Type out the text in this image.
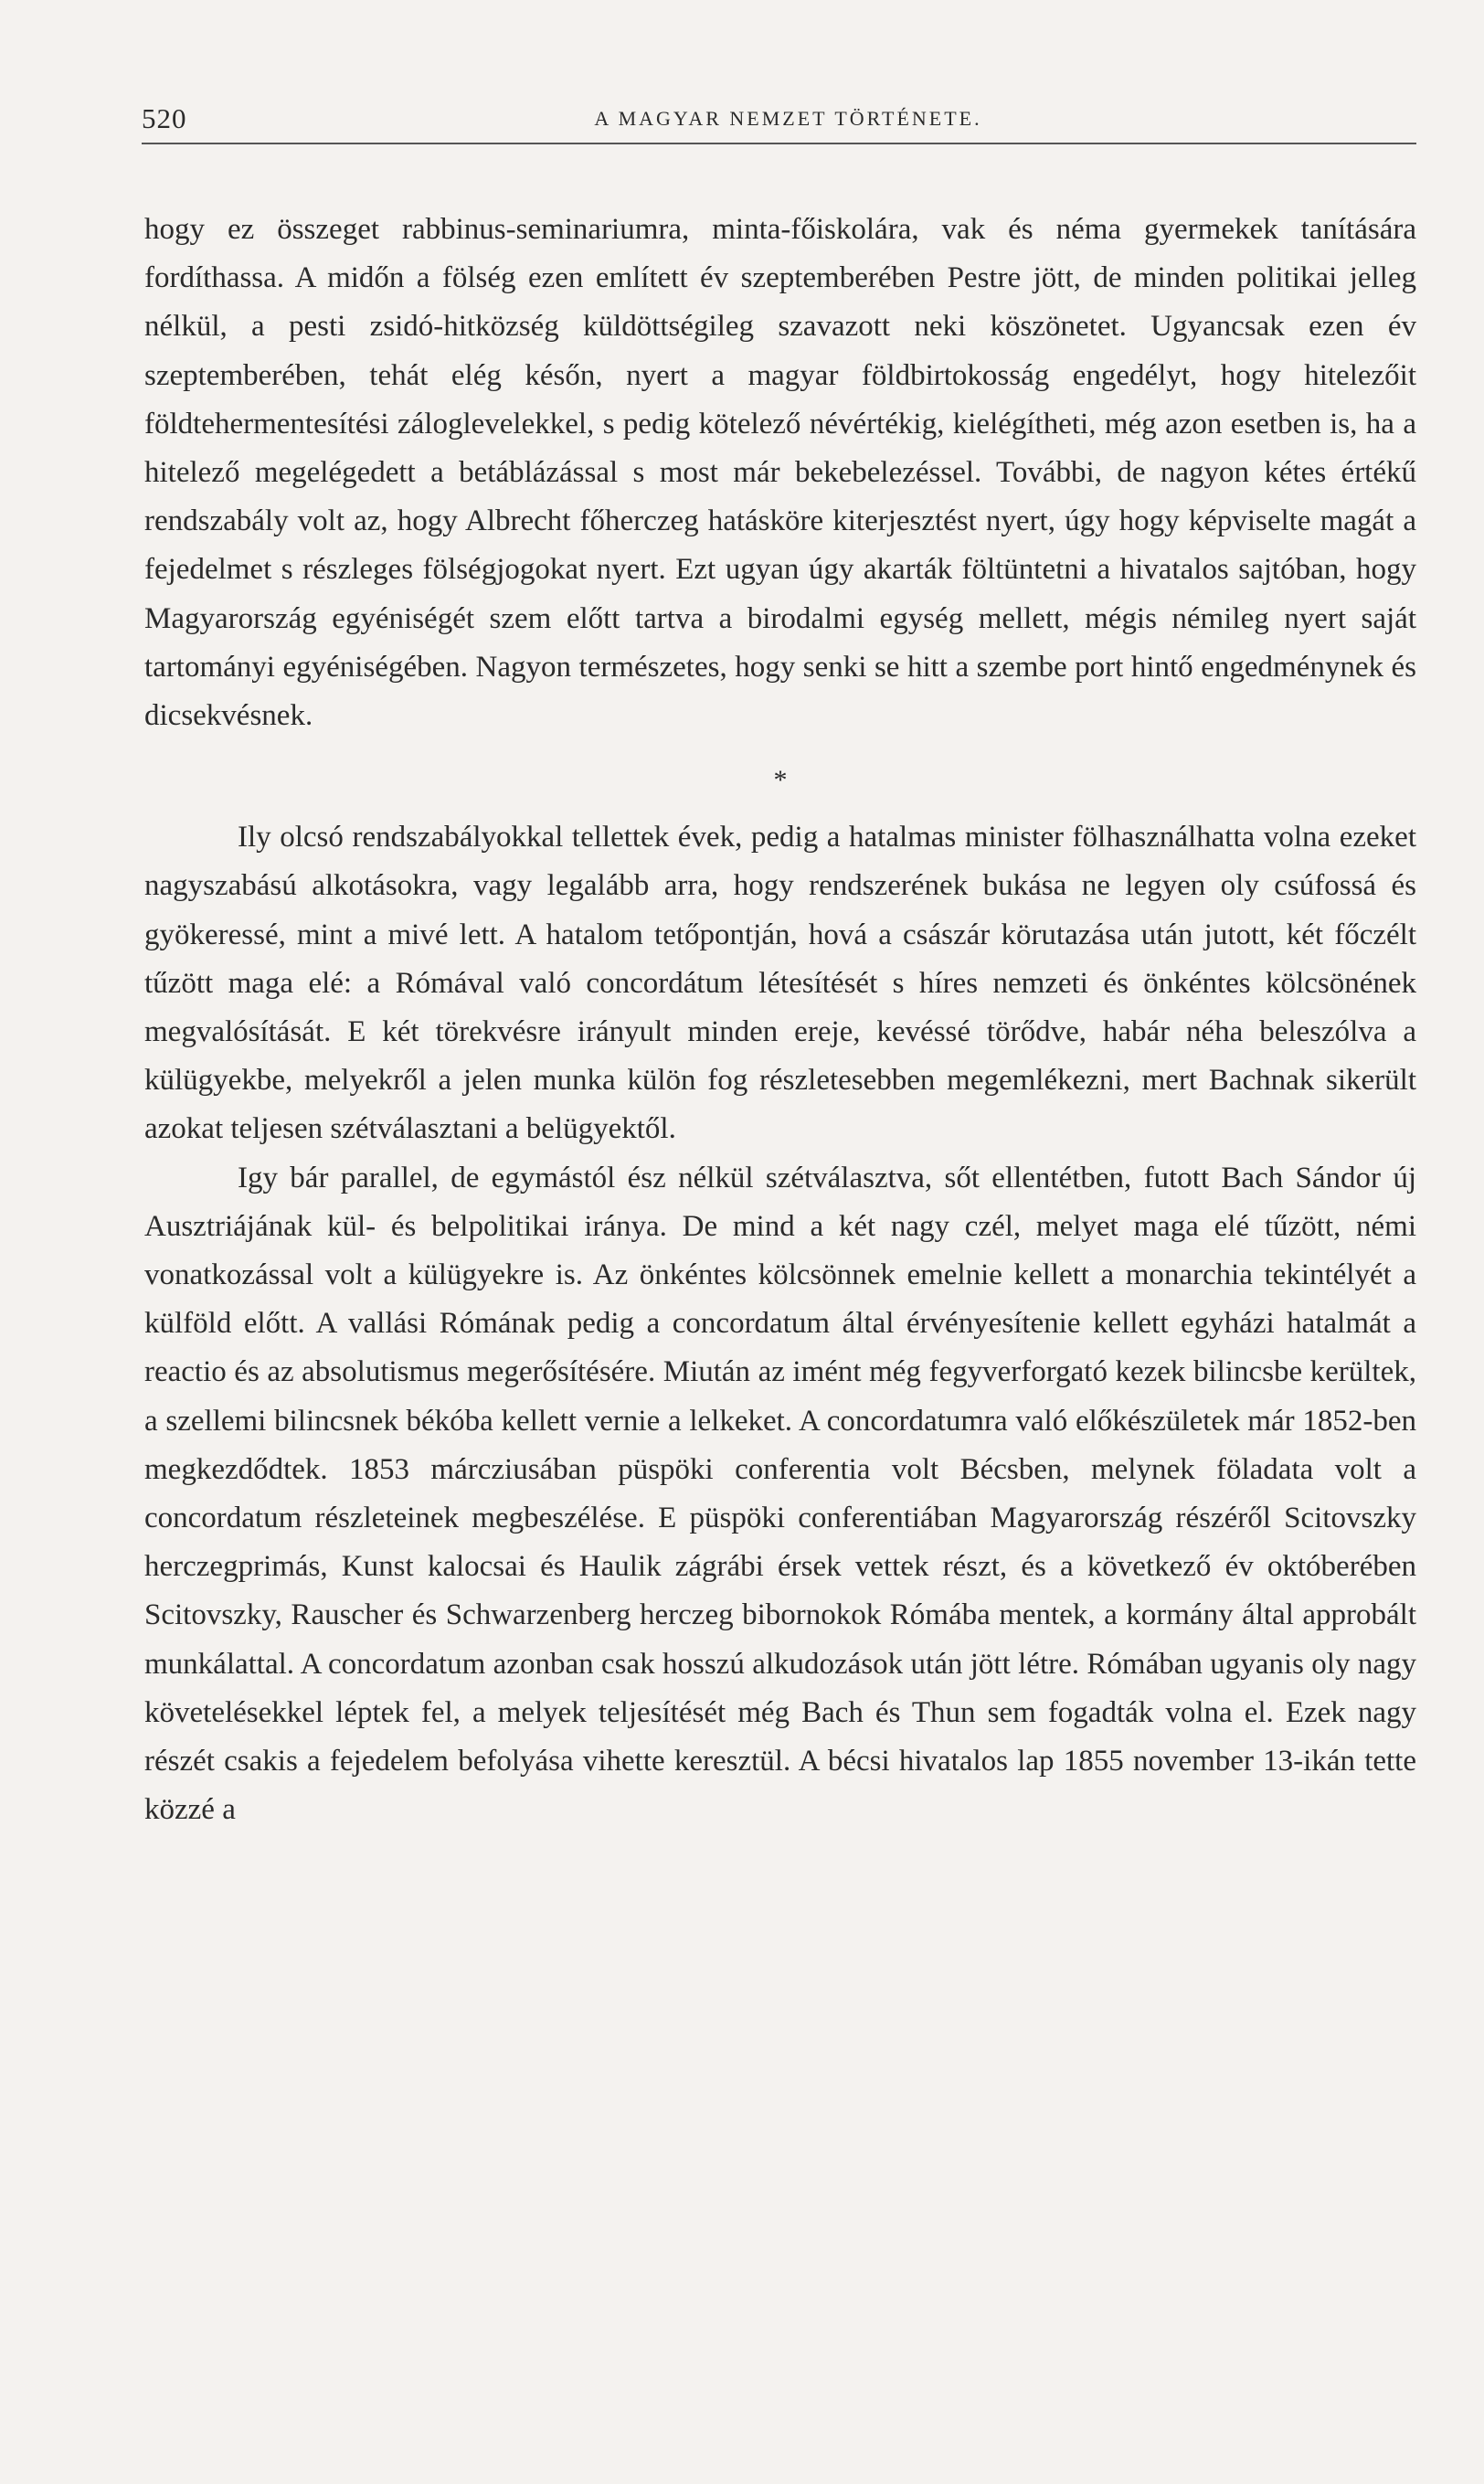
520	A MAGYAR NEMZET TÖRTÉNETE.

hogy ez összeget rabbinus-seminariumra, minta-főiskolára, vak és néma gyermekek tanítására fordíthassa. A midőn a fölség ezen említett év szeptemberében Pestre jött, de minden politikai jelleg nélkül, a pesti zsidó-hitközség küldöttségileg szavazott neki köszönetet. Ugyancsak ezen év szeptemberében, tehát elég későn, nyert a magyar földbirtokosság engedélyt, hogy hitelezőit földtehermentesítési záloglevelekkel, s pedig kötelező névértékig, kielégítheti, még azon esetben is, ha a hitelező megelégedett a betáblázással s most már bekebelezéssel. További, de nagyon kétes értékű rendszabály volt az, hogy Albrecht főherczeg hatásköre kiterjesztést nyert, úgy hogy képviselte magát a fejedelmet s részleges fölségjogokat nyert. Ezt ugyan úgy akarták föltüntetni a hivatalos sajtóban, hogy Magyarország egyéniségét szem előtt tartva a birodalmi egység mellett, mégis némileg nyert saját tartományi egyéniségében. Nagyon természetes, hogy senki se hitt a szembe port hintő engedménynek és dicsekvésnek.

*

Ily olcsó rendszabályokkal tellettek évek, pedig a hatalmas minister fölhasználhatta volna ezeket nagyszabású alkotásokra, vagy legalább arra, hogy rendszerének bukása ne legyen oly csúfossá és gyökeressé, mint a mivé lett. A hatalom tetőpontján, hová a császár körutazása után jutott, két főczélt tűzött maga elé: a Rómával való concordátum létesítését s híres nemzeti és önkéntes kölcsönének megvalósítását. E két törekvésre irányult minden ereje, kevéssé törődve, habár néha beleszólva a külügyekbe, melyekről a jelen munka külön fog részletesebben megemlékezni, mert Bachnak sikerült azokat teljesen szétválasztani a belügyektől.

Igy bár parallel, de egymástól ész nélkül szétválasztva, sőt ellentétben, futott Bach Sándor új Ausztriájának kül- és belpolitikai iránya. De mind a két nagy czél, melyet maga elé tűzött, némi vonatkozással volt a külügyekre is. Az önkéntes kölcsönnek emelnie kellett a monarchia tekintélyét a külföld előtt. A vallási Rómának pedig a concordatum által érvényesítenie kellett egyházi hatalmát a reactio és az absolutismus megerősítésére. Miután az imént még fegyverforgató kezek bilincsbe kerültek, a szellemi bilincsnek békóba kellett vernie a lelkeket. A concordatumra való előkészületek már 1852-ben megkezdődtek. 1853 márcziusában püspöki conferentia volt Bécsben, melynek föladata volt a concordatum részleteinek megbeszélése. E püspöki conferentiában Magyarország részéről Scitovszky herczegprimás, Kunst kalocsai és Haulik zágrábi érsek vettek részt, és a következő év októberében Scitovszky, Rauscher és Schwarzenberg herczeg bibornokok Rómába mentek, a kormány által approbált munkálattal. A concordatum azonban csak hosszú alkudozások után jött létre. Rómában ugyanis oly nagy követelésekkel léptek fel, a melyek teljesítését még Bach és Thun sem fogadták volna el. Ezek nagy részét csakis a fejedelem befolyása vihette keresztül. A bécsi hivatalos lap 1855 november 13-ikán tette közzé a
